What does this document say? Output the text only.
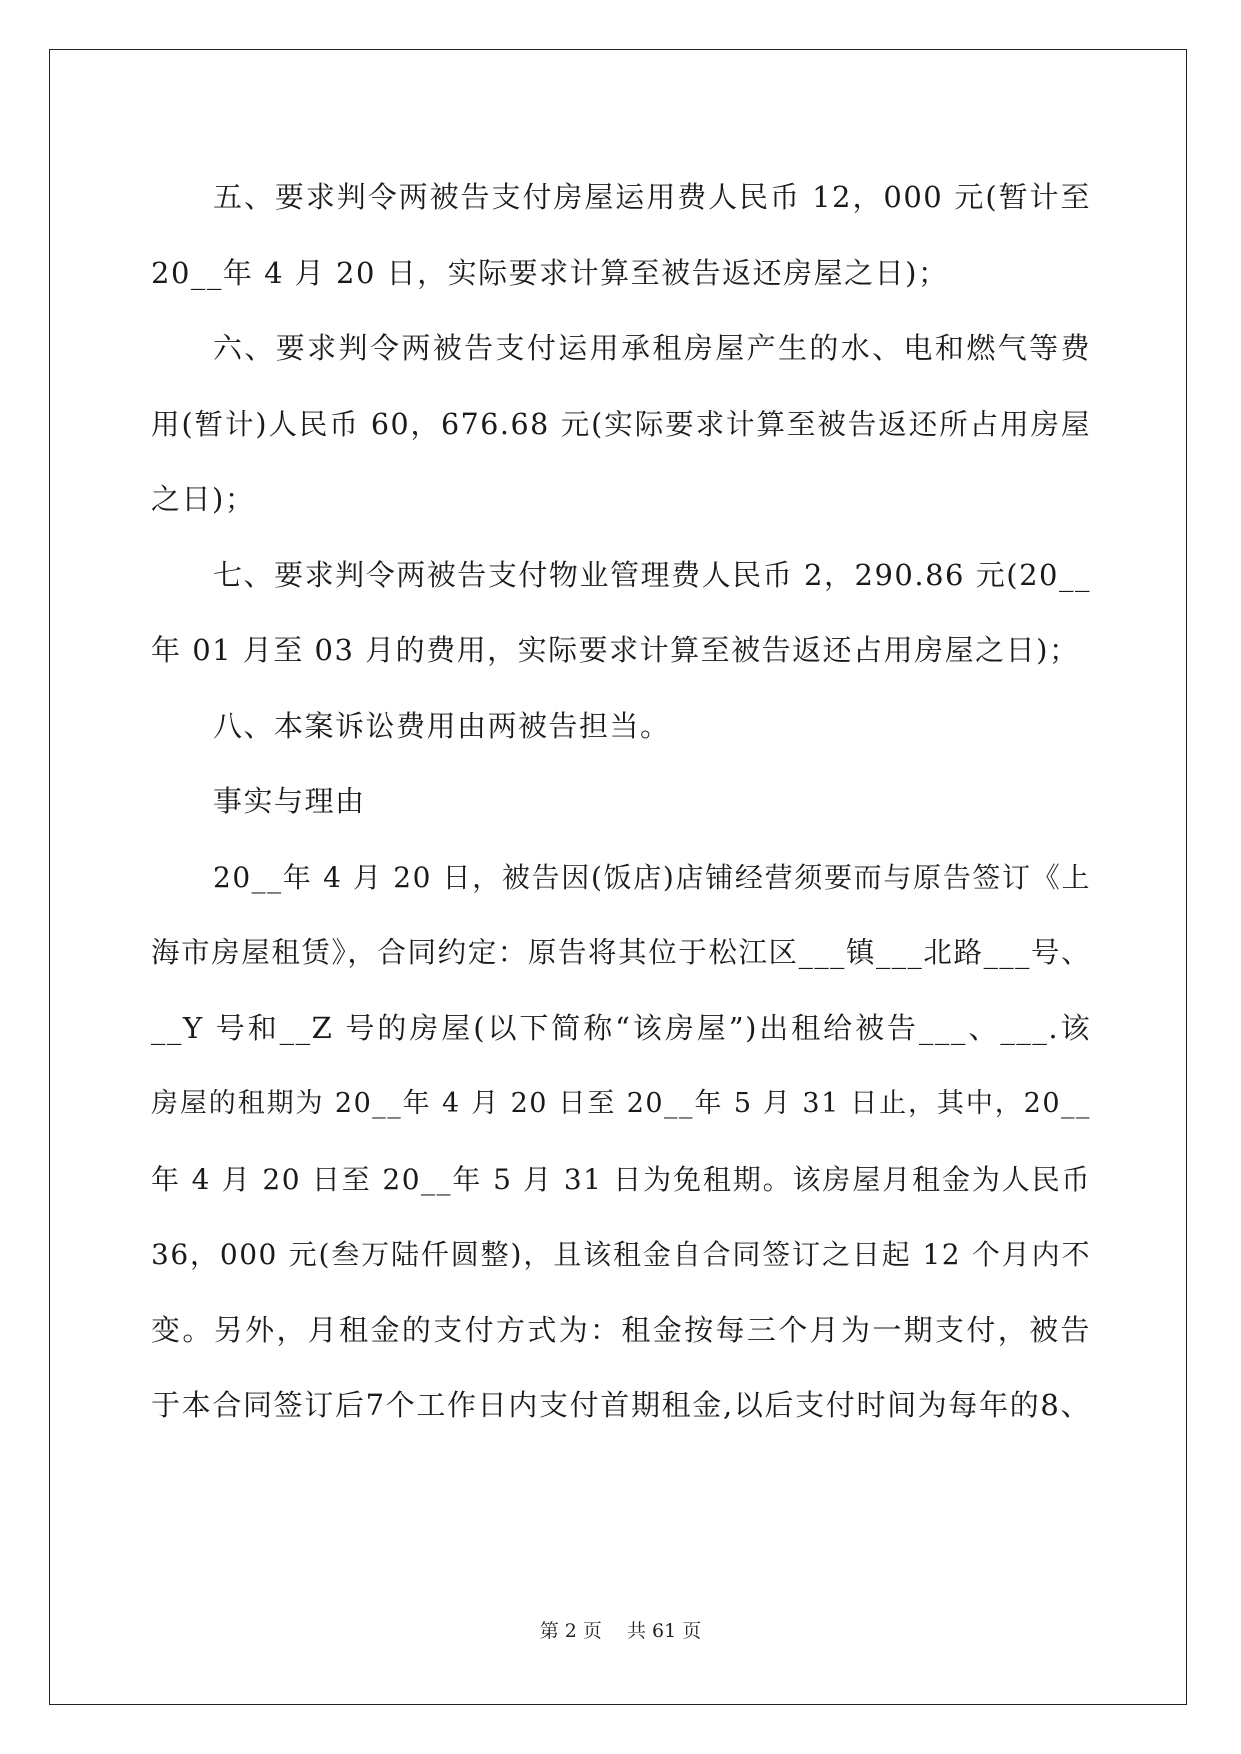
五、要求判令两被告支付房屋运用费人民币 12，000 元(暂计至
20__年 4 月 20 日，实际要求计算至被告返还房屋之日)；
六、要求判令两被告支付运用承租房屋产生的水、电和燃气等费
用(暂计)人民币 60，676.68 元(实际要求计算至被告返还所占用房屋
之日)；
七、要求判令两被告支付物业管理费人民币 2，290.86 元(20__
年 01 月至 03 月的费用，实际要求计算至被告返还占用房屋之日)；
八、本案诉讼费用由两被告担当。
事实与理由
20__年 4 月 20 日，被告因(饭店)店铺经营须要而与原告签订《上
海市房屋租赁》，合同约定：原告将其位于松江区___镇___北路___号、
__Y 号和__Z 号的房屋(以下简称“该房屋”)出租给被告___、___.该
房屋的租期为 20__年 4 月 20 日至 20__年 5 月 31 日止，其中，20__
年 4 月 20 日至 20__年 5 月 31 日为免租期。该房屋月租金为人民币
36，000 元(叁万陆仟圆整)，且该租金自合同签订之日起 12 个月内不
变。另外，月租金的支付方式为：租金按每三个月为一期支付，被告
于本合同签订后7个工作日内支付首期租金,以后支付时间为每年的8、
第 2 页　 共 61 页
